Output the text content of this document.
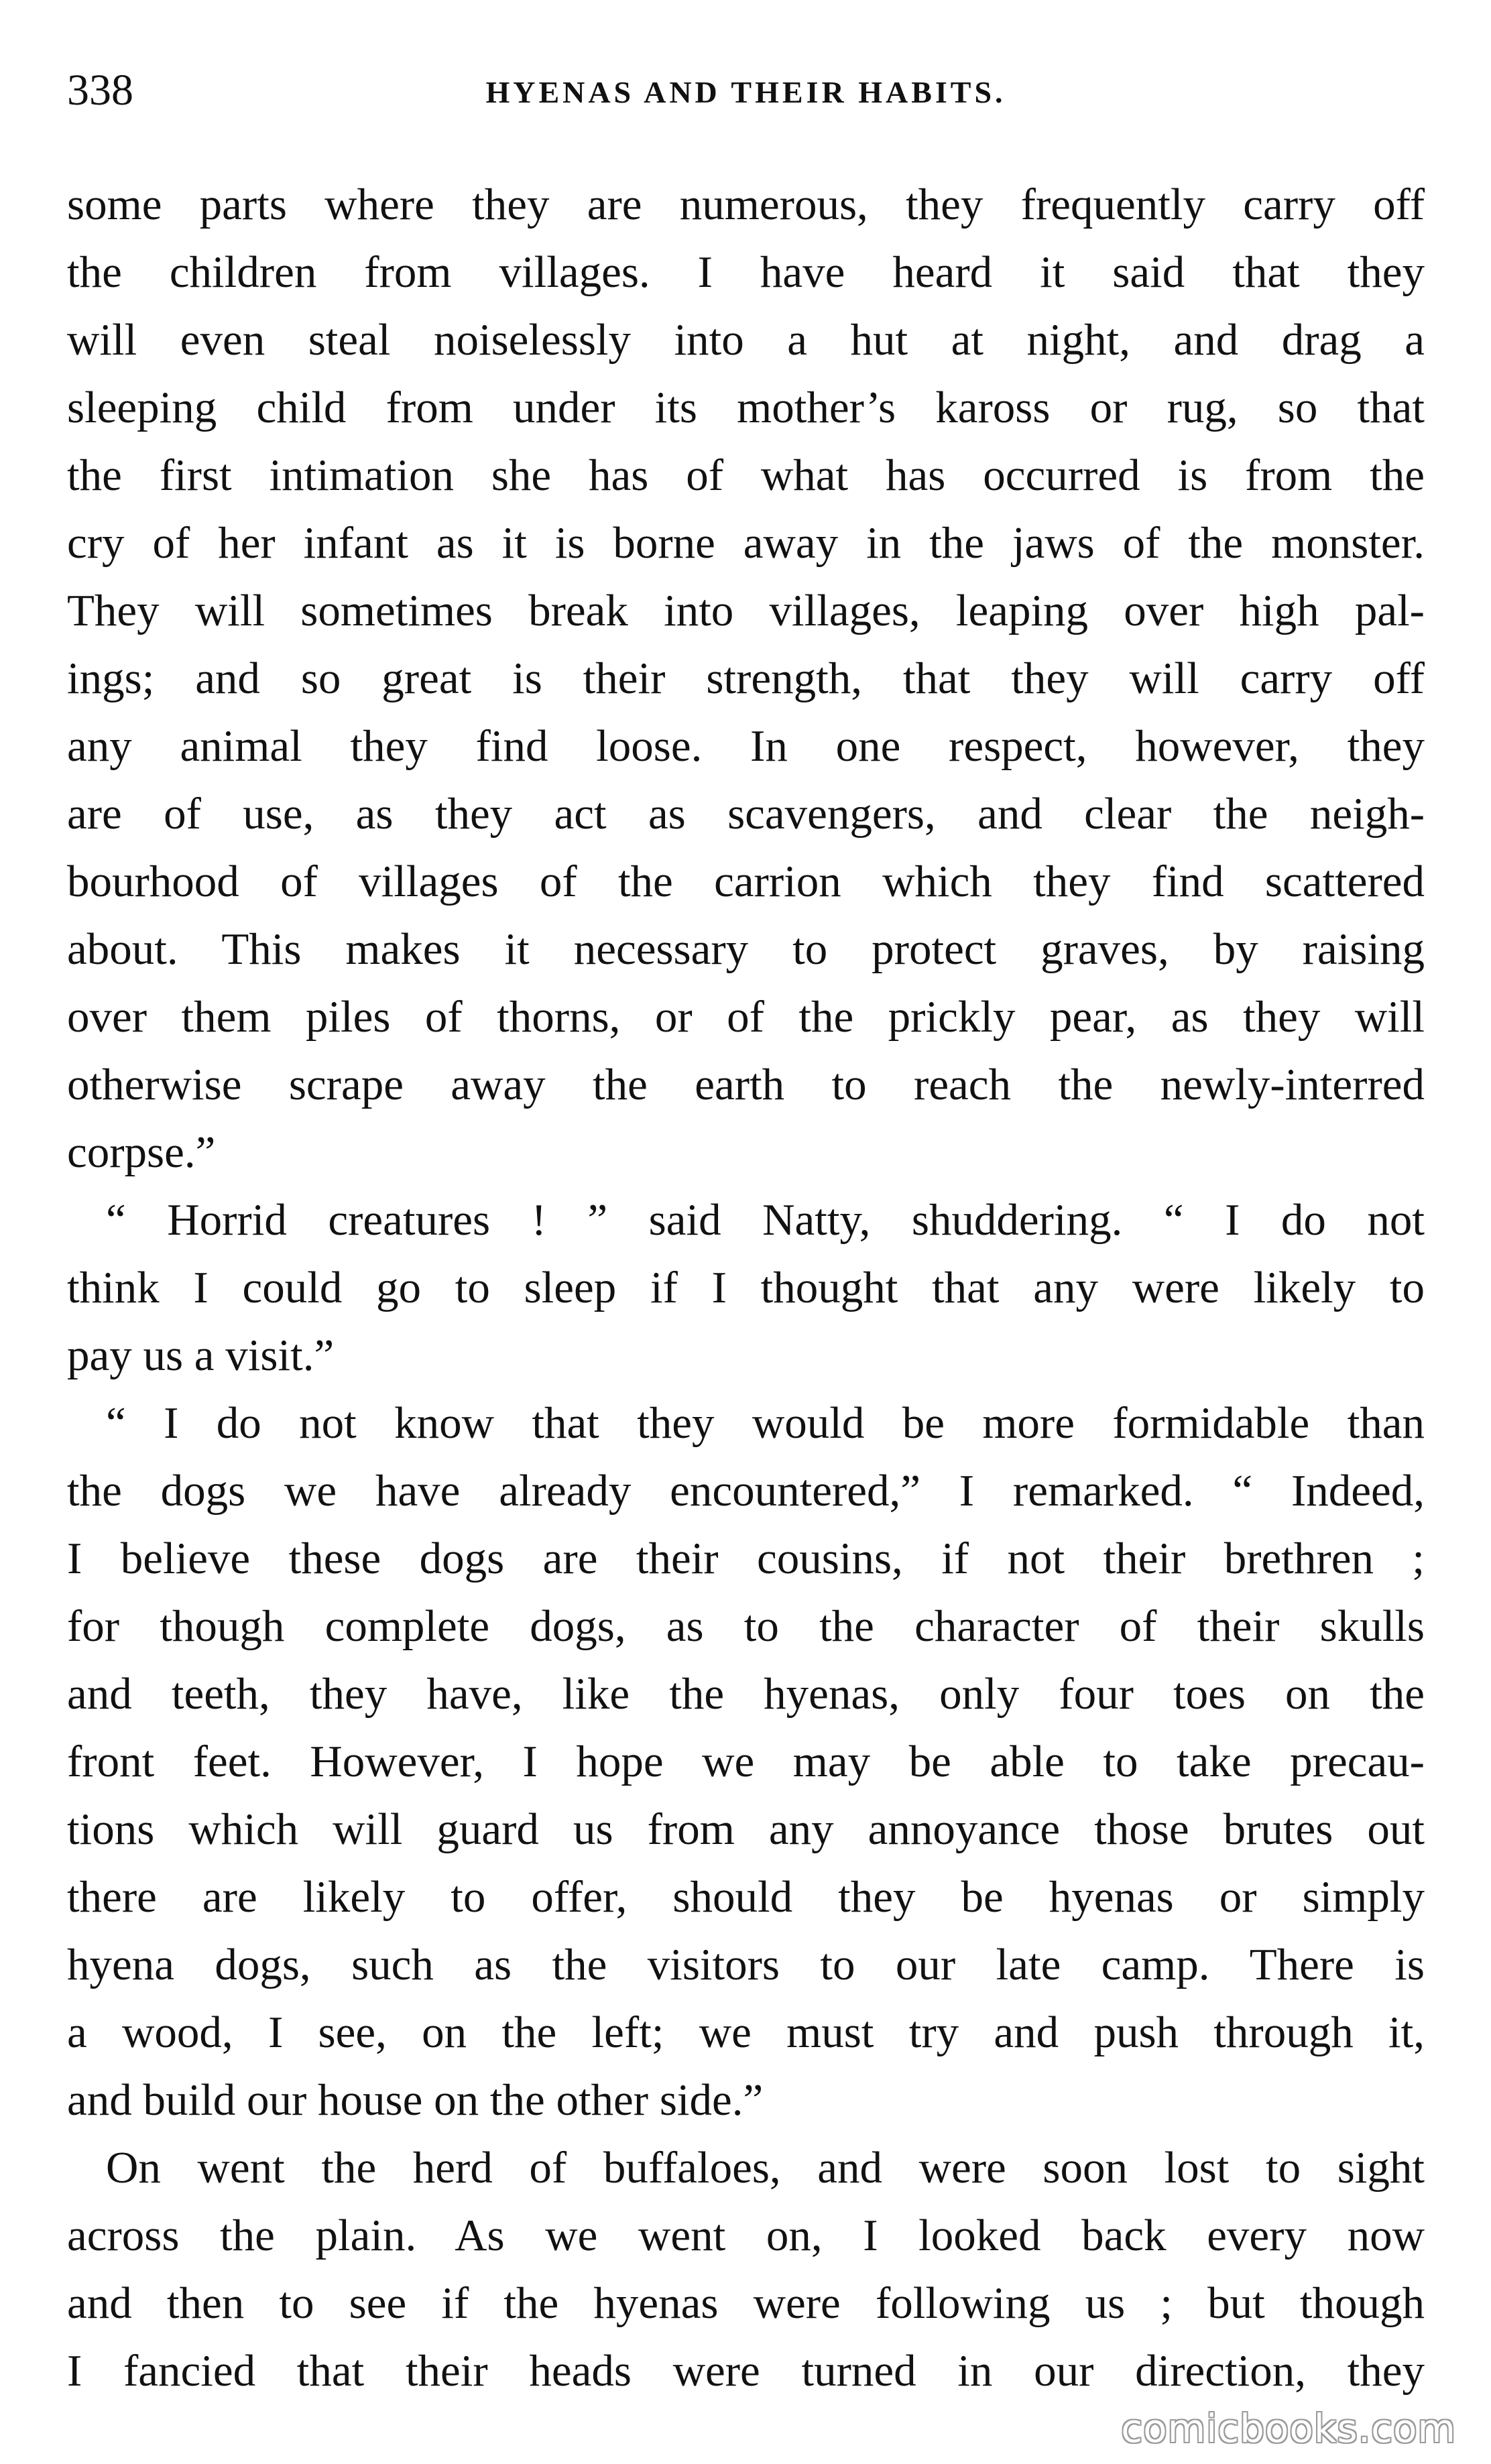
338	HYENAS AND THEIR HABITS.
some parts where they are numerous, they frequently carry off
the children from villages. I have heard it said that they
will even steal noiselessly into a hut at night, and drag a
sleeping child from under its mother’s kaross or rug, so that
the first intimation she has of what has occurred is from the
cry of her infant as it is borne away in the jaws of the monster.
They will sometimes break into villages, leaping over high pal-
ings; and so great is their strength, that they will carry off
any animal they find loose. In one respect, however, they
are of use, as they act as scavengers, and clear the neigh-
bourhood of villages of the carrion which they find scattered
about. This makes it necessary to protect graves, by raising
over them piles of thorns, or of the prickly pear, as they will
otherwise scrape away the earth to reach the newly-interred
corpse.”
“ Horrid creatures ! ” said Natty, shuddering. “ I do not
think I could go to sleep if I thought that any were likely to
pay us a visit.”
“ I do not know that they would be more formidable than
the dogs we have already encountered,” I remarked. “ Indeed,
I believe these dogs are their cousins, if not their brethren ;
for though complete dogs, as to the character of their skulls
and teeth, they have, like the hyenas, only four toes on the
front feet. However, I hope we may be able to take precau-
tions which will guard us from any annoyance those brutes out
there are likely to offer, should they be hyenas or simply
hyena dogs, such as the visitors to our late camp. There is
a wood, I see, on the left; we must try and push through it,
and build our house on the other side.”
On went the herd of buffaloes, and were soon lost to sight
across the plain. As we went on, I looked back every now
and then to see if the hyenas were following us ; but though
I fancied that their heads were turned in our direction, they
comicbooks.com
